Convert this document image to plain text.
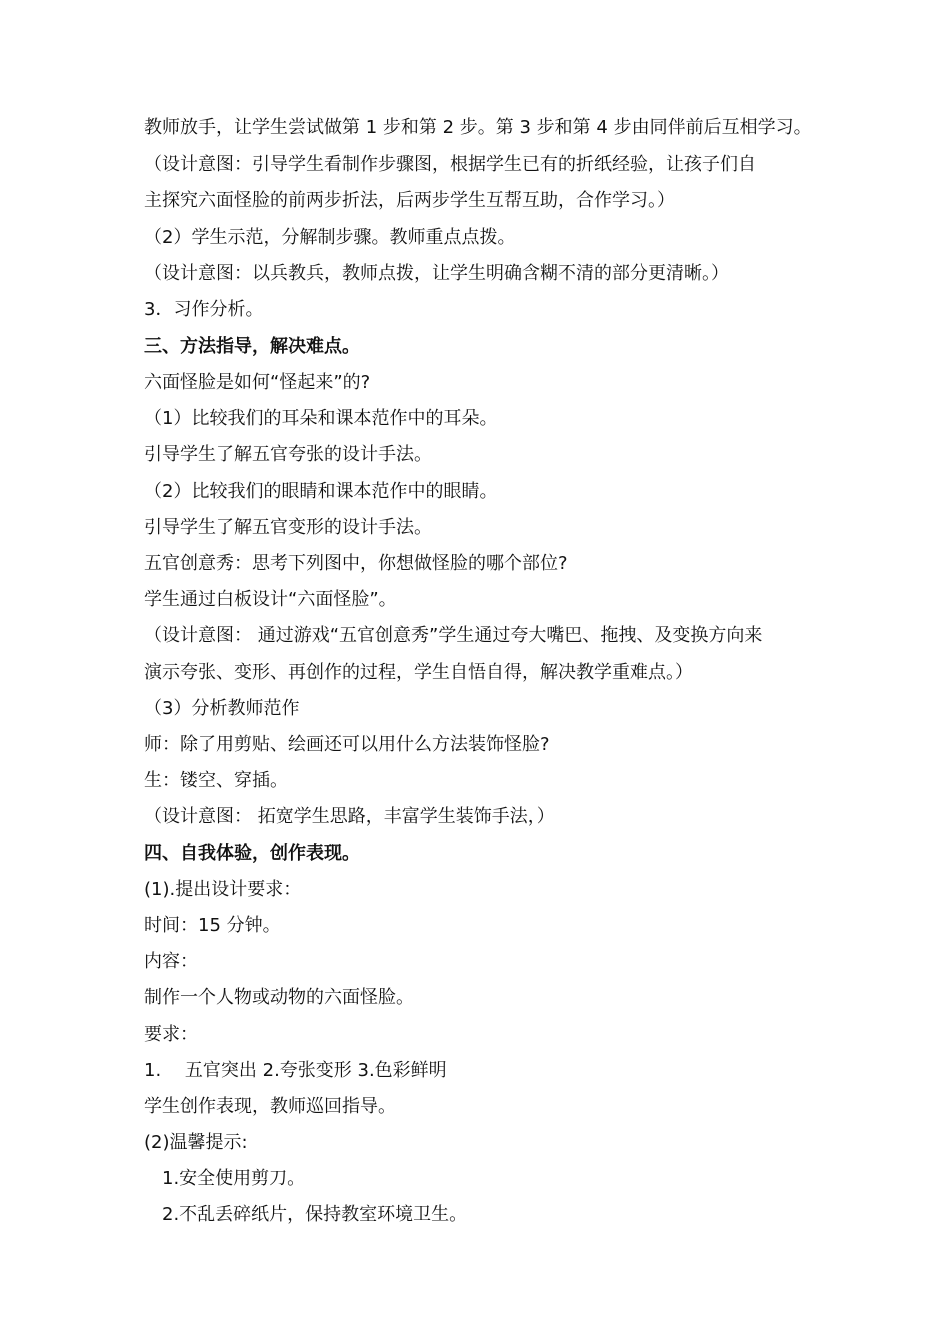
教师放手，让学生尝试做第 1 步和第 2 步。第 3 步和第 4 步由同伴前后互相学习。
（设计意图：引导学生看制作步骤图，根据学生已有的折纸经验，让孩子们自
主探究六面怪脸的前两步折法，后两步学生互帮互助，合作学习。）
（2）学生示范，分解制步骤。教师重点点拨。
（设计意图：以兵教兵，教师点拨，让学生明确含糊不清的部分更清晰。）
3．习作分析。
三、方法指导，解决难点。
六面怪脸是如何“怪起来”的?
（1）比较我们的耳朵和课本范作中的耳朵。
引导学生了解五官夸张的设计手法。
（2）比较我们的眼睛和课本范作中的眼睛。
引导学生了解五官变形的设计手法。
五官创意秀：思考下列图中，你想做怪脸的哪个部位?
学生通过白板设计“六面怪脸”。
（设计意图： 通过游戏“五官创意秀”学生通过夸大嘴巴、拖拽、及变换方向来
演示夸张、变形、再创作的过程，学生自悟自得，解决教学重难点。）
（3）分析教师范作
师：除了用剪贴、绘画还可以用什么方法装饰怪脸?
生：镂空、穿插。
（设计意图： 拓宽学生思路，丰富学生装饰手法，）
四、自我体验，创作表现。
(1).提出设计要求：
时间：15 分钟。
内容：
制作一个人物或动物的六面怪脸。
要求：
1.　 五官突出 2.夸张变形 3.色彩鲜明
学生创作表现，教师巡回指导。
(2)温馨提示:
　1.安全使用剪刀。
　2.不乱丢碎纸片，保持教室环境卫生。
